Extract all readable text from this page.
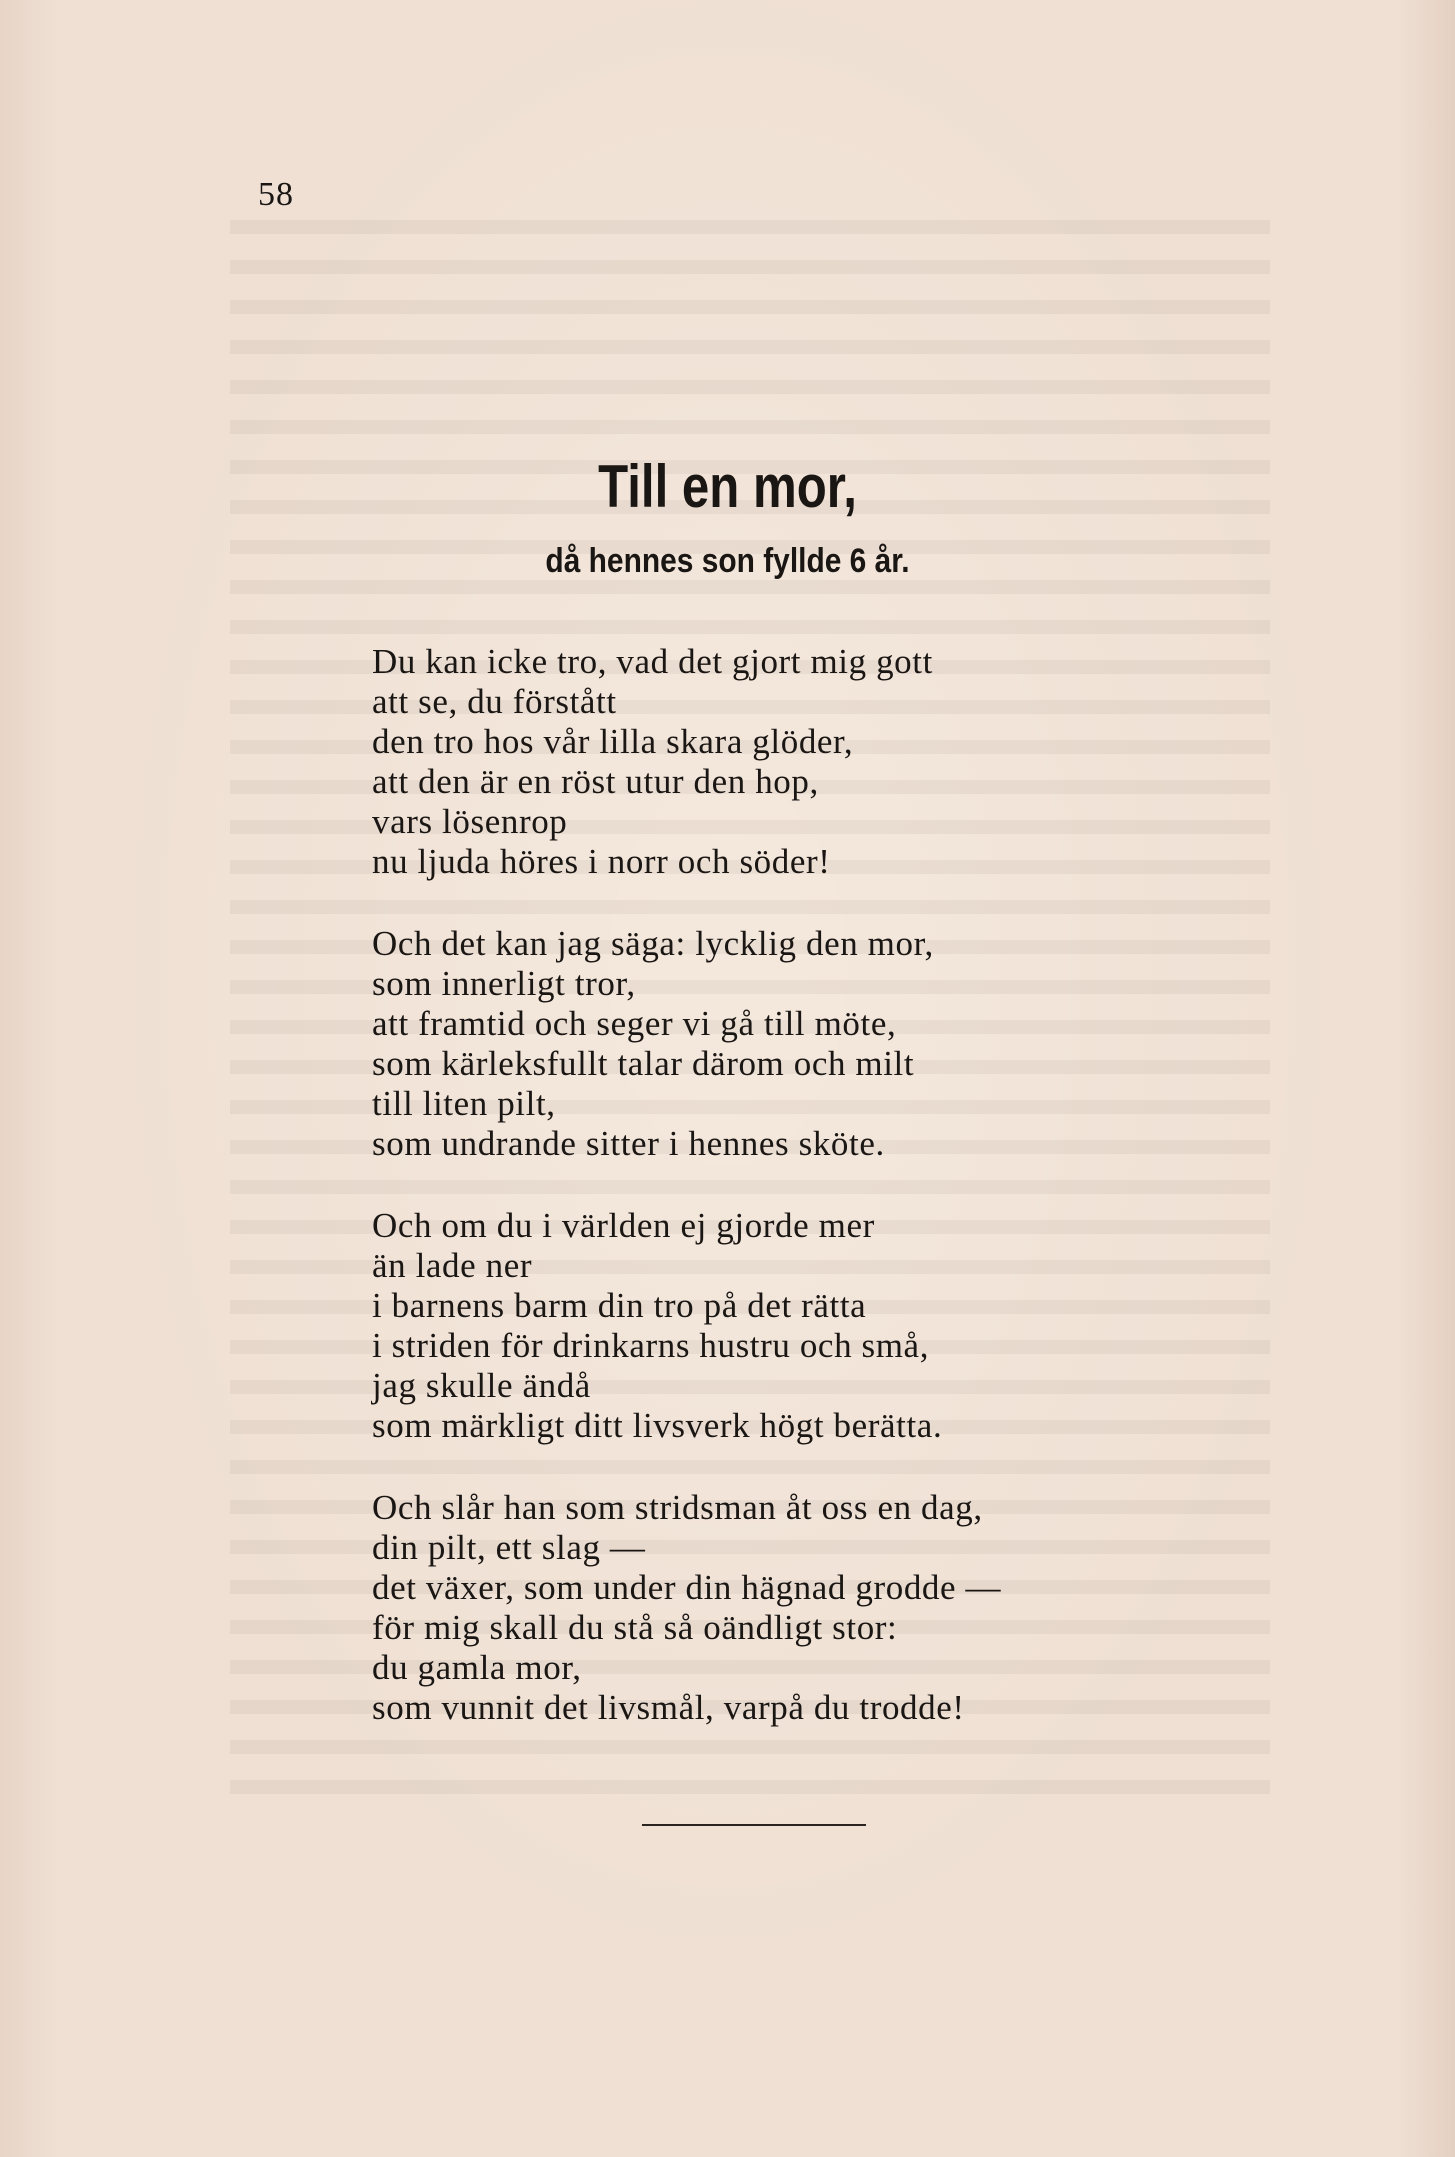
58
Till en mor,
då hennes son fyllde 6 år.
Du kan icke tro, vad det gjort mig gott
att se, du förstått
den tro hos vår lilla skara glöder,
att den är en röst utur den hop,
vars lösenrop
nu ljuda höres i norr och söder!
Och det kan jag säga: lycklig den mor,
som innerligt tror,
att framtid och seger vi gå till möte,
som kärleksfullt talar därom och milt
till liten pilt,
som undrande sitter i hennes sköte.
Och om du i världen ej gjorde mer
än lade ner
i barnens barm din tro på det rätta
i striden för drinkarns hustru och små,
jag skulle ändå
som märkligt ditt livsverk högt berätta.
Och slår han som stridsman åt oss en dag,
din pilt, ett slag —
det växer, som under din hägnad grodde —
för mig skall du stå så oändligt stor:
du gamla mor,
som vunnit det livsmål, varpå du trodde!
